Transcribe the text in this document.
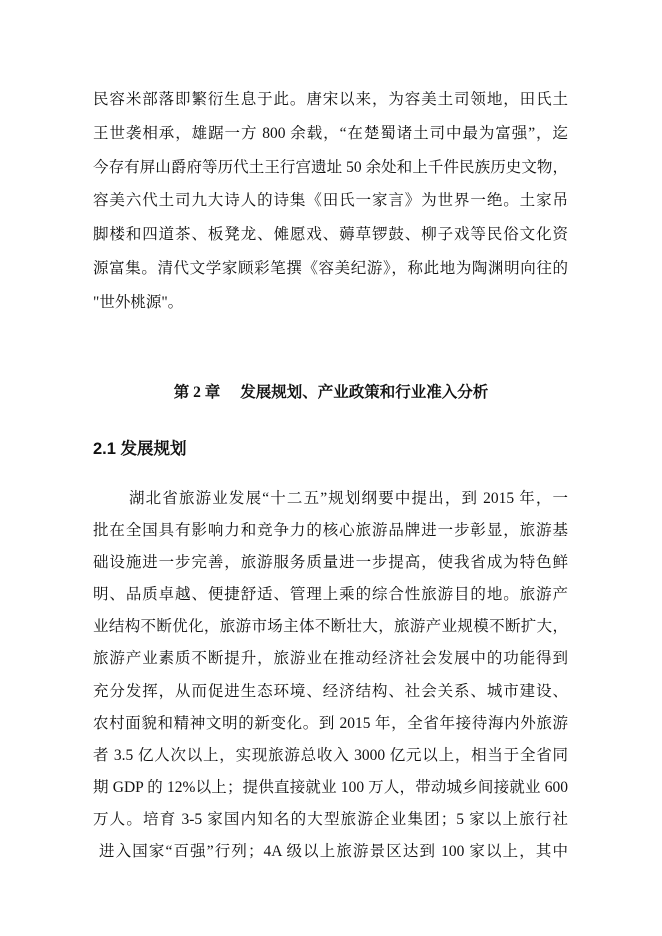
民容米部落即繁衍生息于此。唐宋以来，为容美土司领地，田氏土
王世袭相承，雄踞一方 800 余载，“在楚蜀诸土司中最为富强”，迄
今存有屏山爵府等历代土王行宫遗址 50 余处和上千件民族历史文物，
容美六代土司九大诗人的诗集《田氏一家言》为世界一绝。土家吊
脚楼和四道茶、板凳龙、傩愿戏、薅草锣鼓、柳子戏等民俗文化资
源富集。清代文学家顾彩笔撰《容美纪游》，称此地为陶渊明向往的
"世外桃源"。
第 2 章 发展规划、产业政策和行业准入分析
2.1 发展规划
湖北省旅游业发展“十二五”规划纲要中提出，到 2015 年，一
批在全国具有影响力和竞争力的核心旅游品牌进一步彰显，旅游基
础设施进一步完善，旅游服务质量进一步提高，使我省成为特色鲜
明、品质卓越、便捷舒适、管理上乘的综合性旅游目的地。旅游产
业结构不断优化，旅游市场主体不断壮大，旅游产业规模不断扩大，
旅游产业素质不断提升，旅游业在推动经济社会发展中的功能得到
充分发挥，从而促进生态环境、经济结构、社会关系、城市建设、
农村面貌和精神文明的新变化。到 2015 年，全省年接待海内外旅游
者 3.5 亿人次以上，实现旅游总收入 3000 亿元以上，相当于全省同
期 GDP 的 12%以上；提供直接就业 100 万人，带动城乡间接就业 600
万人。培育 3-5 家国内知名的大型旅游企业集团；5 家以上旅行社
进入国家“百强”行列；4A 级以上旅游景区达到 100 家以上，其中
